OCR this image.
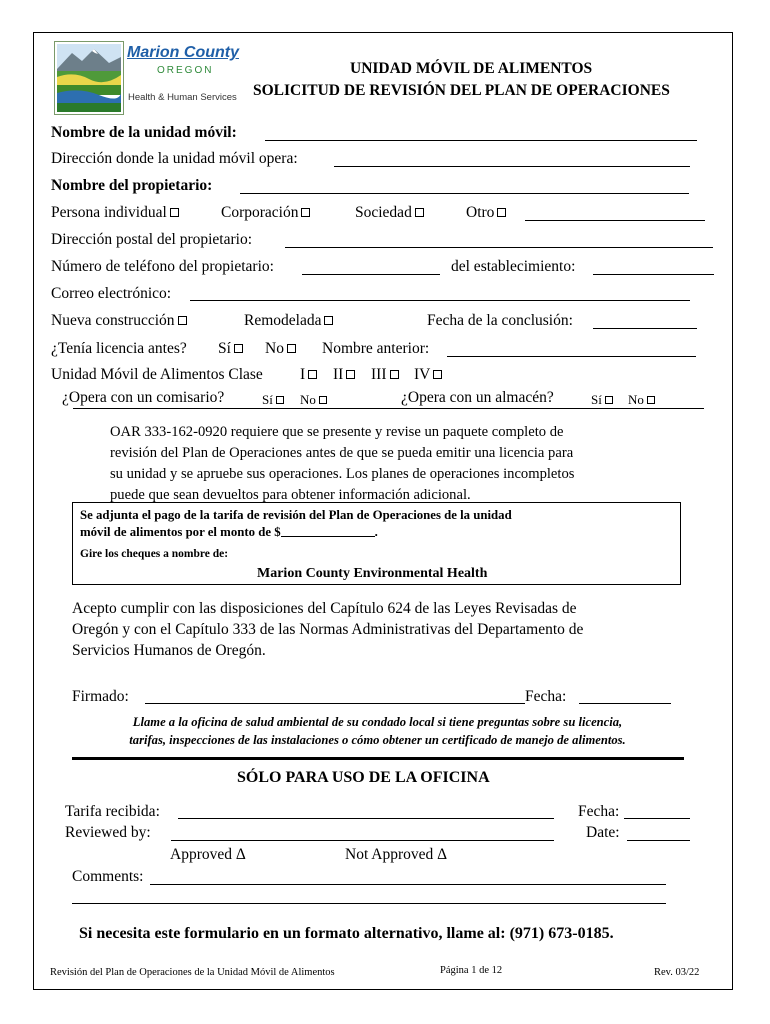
Marion County
OREGON
Health & Human Services
UNIDAD MÓVIL DE ALIMENTOS
SOLICITUD DE REVISIÓN DEL PLAN DE OPERACIONES
Nombre de la unidad móvil:
Dirección donde la unidad móvil opera:
Nombre del propietario:
Persona individual	Corporación	Sociedad	Otro
Dirección postal del propietario:
Número de teléfono del propietario:	del establecimiento:
Correo electrónico:
Nueva construcción	Remodelada	Fecha de la conclusión:
¿Tenía licencia antes? Sí	No	Nombre anterior:
Unidad Móvil de Alimentos Clase I	II	III	IV
¿Opera con un comisario?	Sí	No	¿Opera con un almacén?	Sí	No
OAR 333-162-0920 requiere que se presente y revise un paquete completo de
revisión del Plan de Operaciones antes de que se pueda emitir una licencia para
su unidad y se apruebe sus operaciones. Los planes de operaciones incompletos
puede que sean devueltos para obtener información adicional.
Se adjunta el pago de la tarifa de revisión del Plan de Operaciones de la unidad
móvil de alimentos por el monto de $	.
Gire los cheques a nombre de:
Marion County Environmental Health
Acepto cumplir con las disposiciones del Capítulo 624 de las Leyes Revisadas de
Oregón y con el Capítulo 333 de las Normas Administrativas del Departamento de
Servicios Humanos de Oregón.
Firmado:	Fecha:
Llame a la oficina de salud ambiental de su condado local si tiene preguntas sobre su licencia,
tarifas, inspecciones de las instalaciones o cómo obtener un certificado de manejo de alimentos.
SÓLO PARA USO DE LA OFICINA
Tarifa recibida:	Fecha:
Reviewed by:	Date:
Approved Δ	Not Approved Δ
Comments:
Si necesita este formulario en un formato alternativo, llame al: (971) 673-0185.
Revisión del Plan de Operaciones de la Unidad Móvil de Alimentos	Página 1 de 12	Rev. 03/22
